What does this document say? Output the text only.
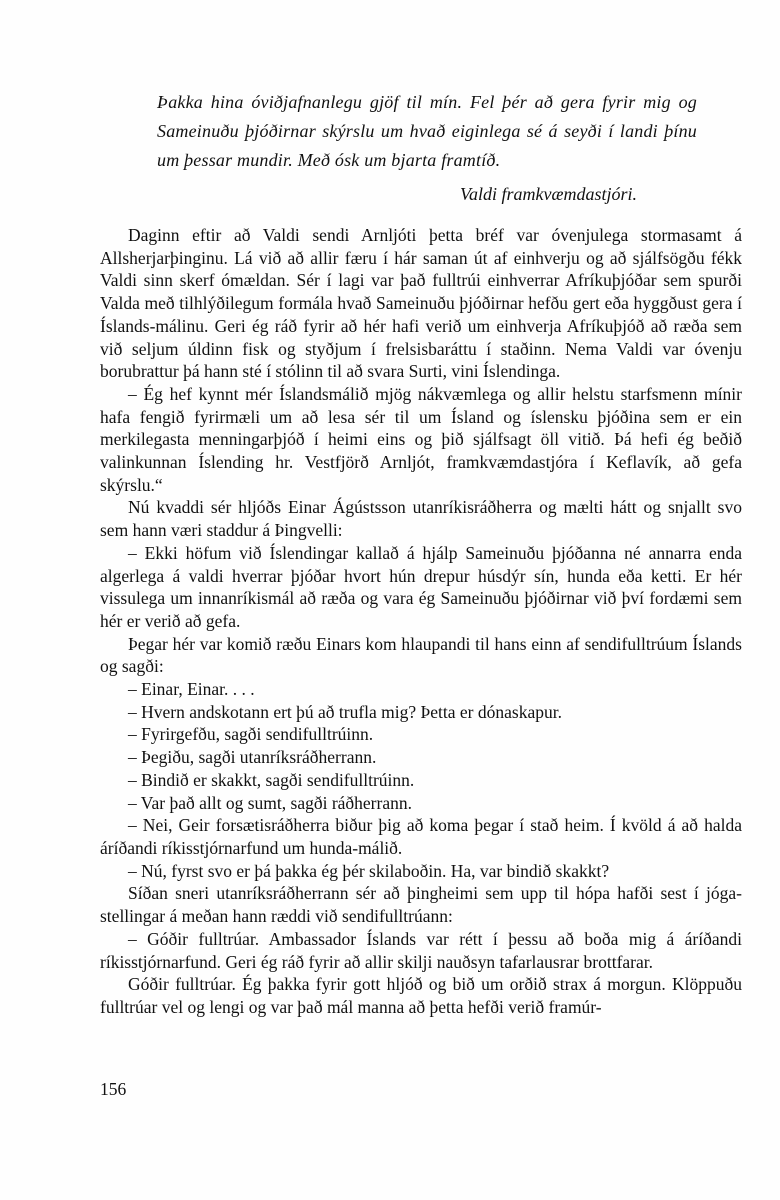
Þakka hina óviðjafnanlegu gjöf til mín. Fel þér að gera fyrir mig og Sameinuðu þjóðirnar skýrslu um hvað eiginlega sé á seyði í landi þínu um þessar mundir. Með ósk um bjarta framtíð.
Valdi framkvæmdastjóri.

Daginn eftir að Valdi sendi Arnljóti þetta bréf var óvenjulega stormasamt á Allsherjarþinginu. Lá við að allir færu í hár saman út af einhverju og að sjálfsögðu fékk Valdi sinn skerf ómældan. Sér í lagi var það fulltrúi einhverrar Afríkuþjóðar sem spurði Valda með tilhlýðilegum formála hvað Sameinuðu þjóðirnar hefðu gert eða hyggðust gera í Íslands-málinu. Geri ég ráð fyrir að hér hafi verið um einhverja Afríkuþjóð að ræða sem við seljum úldinn fisk og styðjum í frelsisbaráttu í staðinn. Nema Valdi var óvenju borubrattur þá hann sté í stólinn til að svara Surti, vini Íslendinga.

– Ég hef kynnt mér Íslandsmálið mjög nákvæmlega og allir helstu starfsmenn mínir hafa fengið fyrirmæli um að lesa sér til um Ísland og íslensku þjóðina sem er ein merkilegasta menningarþjóð í heimi eins og þið sjálfsagt öll vitið. Þá hefi ég beðið valinkunnan Íslending hr. Vestfjörð Arnljót, framkvæmdastjóra í Keflavík, að gefa skýrslu.“

Nú kvaddi sér hljóðs Einar Ágústsson utanríkisráðherra og mælti hátt og snjallt svo sem hann væri staddur á Þingvelli:

– Ekki höfum við Íslendingar kallað á hjálp Sameinuðu þjóðanna né annarra enda algerlega á valdi hverrar þjóðar hvort hún drepur húsdýr sín, hunda eða ketti. Er hér vissulega um innanríkismál að ræða og vara ég Sameinuðu þjóðirnar við því fordæmi sem hér er verið að gefa.

Þegar hér var komið ræðu Einars kom hlaupandi til hans einn af sendifulltrúum Íslands og sagði:

– Einar, Einar. . . .

– Hvern andskotann ert þú að trufla mig? Þetta er dónaskapur.

– Fyrirgefðu, sagði sendifulltrúinn.

– Þegiðu, sagði utanríksráðherrann.

– Bindið er skakkt, sagði sendifulltrúinn.

– Var það allt og sumt, sagði ráðherrann.

– Nei, Geir forsætisráðherra biður þig að koma þegar í stað heim. Í kvöld á að halda áríðandi ríkisstjórnarfund um hunda-málið.

– Nú, fyrst svo er þá þakka ég þér skilaboðin. Ha, var bindið skakkt?

Síðan sneri utanríksráðherrann sér að þingheimi sem upp til hópa hafði sest í jóga-stellingar á meðan hann ræddi við sendifulltrúann:

– Góðir fulltrúar. Ambassador Íslands var rétt í þessu að boða mig á áríðandi ríkisstjórnarfund. Geri ég ráð fyrir að allir skilji nauðsyn tafarlausrar brottfarar.

Góðir fulltrúar. Ég þakka fyrir gott hljóð og bið um orðið strax á morgun. Klöppuðu fulltrúar vel og lengi og var það mál manna að þetta hefði verið framúr-

156
